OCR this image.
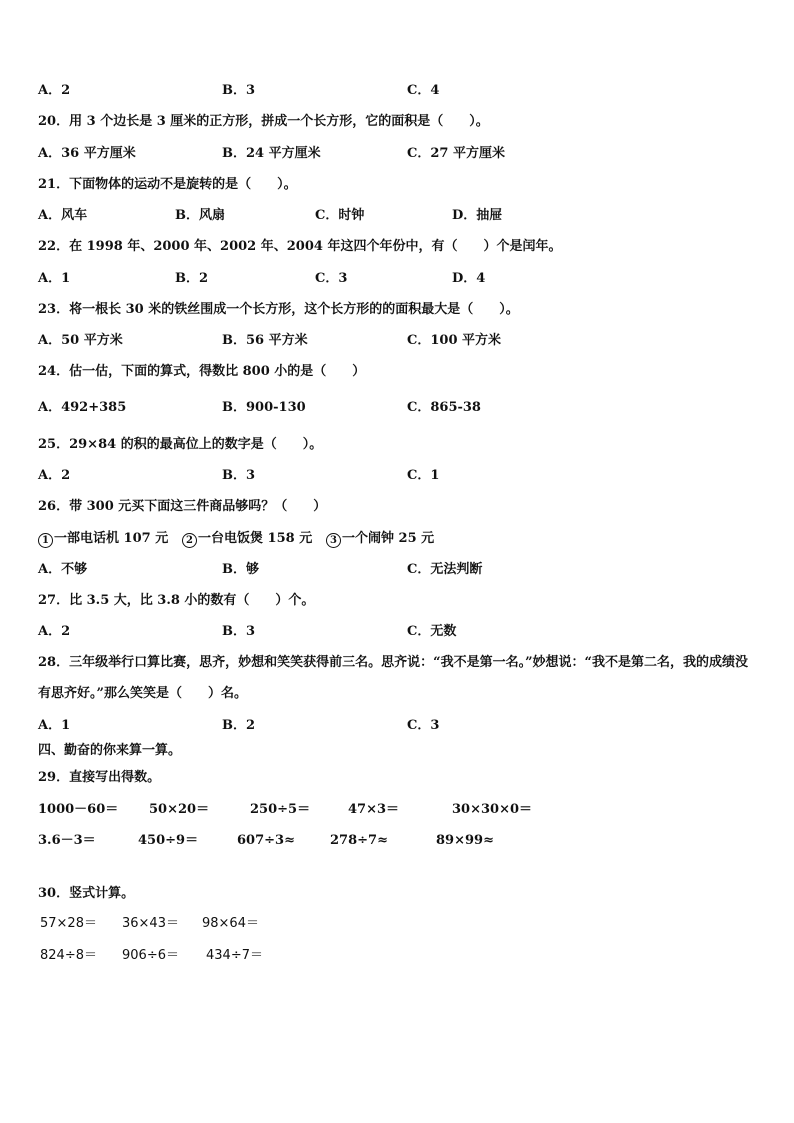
A．2	B．3	C．4
20．用 3 个边长是 3 厘米的正方形，拼成一个长方形，它的面积是（　　）。
A．36 平方厘米	B．24 平方厘米	C．27 平方厘米
21．下面物体的运动不是旋转的是（　　）。
A．风车	B．风扇	C．时钟	D．抽屉
22．在 1998 年、2000 年、2002 年、2004 年这四个年份中，有（　　）个是闰年。
A．1	B．2	C．3	D．4
23．将一根长 30 米的铁丝围成一个长方形，这个长方形的的面积最大是（　　）。
A．50 平方米	B．56 平方米	C．100 平方米
24．估一估，下面的算式，得数比 800 小的是（　　）
A．492+385	B．900-130	C．865-38
25．29×84 的积的最高位上的数字是（　　）。
A．2	B．3	C．1
26．带 300 元买下面这三件商品够吗？（　　）
1 一部电话机 107 元	2 一台电饭煲 158 元	3 一个闹钟 25 元
A．不够	B．够	C．无法判断
27．比 3.5 大，比 3.8 小的数有（　　）个。
A．2	B．3	C．无数
28．三年级举行口算比赛，思齐，妙想和笑笑获得前三名。思齐说：“我不是第一名。”妙想说：“我不是第二名，我的成绩没有思齐好。”那么笑笑是（　　）名。
A．1	B．2	C．3
四、勤奋的你来算一算。
29．直接写出得数。
1000－60＝ 50×20＝	250÷5＝	47×3＝	30×30×0＝
3.6－3＝	450÷9＝	607÷3≈	278÷7≈	89×99≈
30．竖式计算。
57×28＝ 36×43＝ 98×64＝
824÷8＝ 906÷6＝ 434÷7＝
